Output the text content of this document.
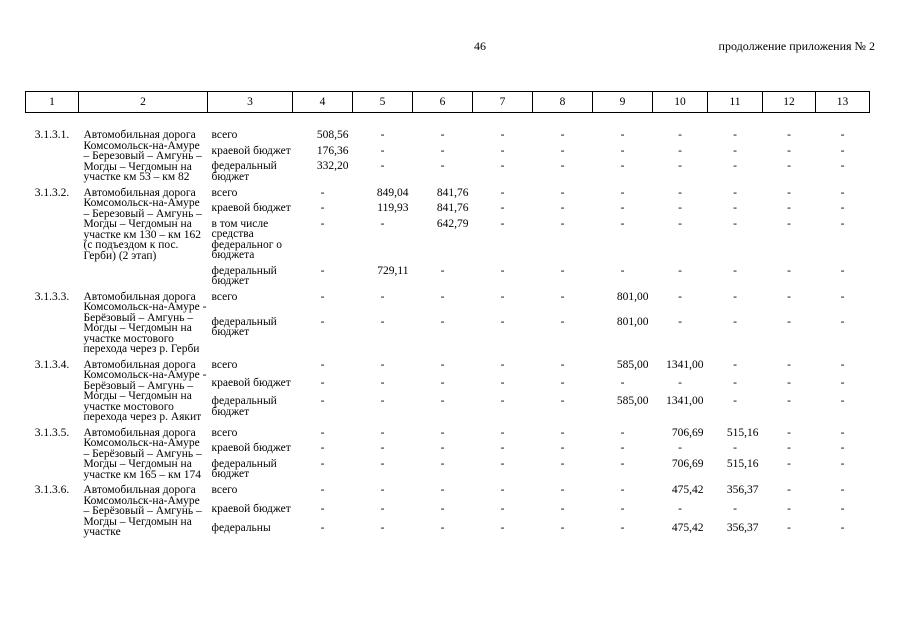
46	продолжение приложения № 2
1	2	3	4	5	6	7	8	9	10	11	12	13

3.1.3.1.	Автомобильная дорога Комсомольск-на-Амуре – Березовый – Амгунь – Могды – Чегдомын на участке км 53 – км 82	всего	508,56	-	-	-	-	-	-	-	-	-
		краевой бюджет	176,36	-	-	-	-	-	-	-	-	-
		федеральный бюджет	332,20	-	-	-	-	-	-	-	-	-
3.1.3.2.	Автомобильная дорога Комсомольск-на-Амуре – Березовый – Амгунь – Могды – Чегдомын на участке км 130 – км 162 (с подъездом к пос. Герби) (2 этап)	всего	-	849,04	841,76	-	-	-	-	-	-	-
		краевой бюджет	-	119,93	841,76	-	-	-	-	-	-	-
		в том числе средства федеральног о бюджета	-	-	642,79	-	-	-	-	-	-	-
		федеральный бюджет	-	729,11	-	-	-	-	-	-	-	-
3.1.3.3.	Автомобильная дорога Комсомольск-на-Амуре - Берёзовый – Амгунь – Могды – Чегдомын на участке мостового перехода через р. Герби	всего	-	-	-	-	-	801,00	-	-	-	-
		федеральный бюджет	-	-	-	-	-	801,00	-	-	-	-
3.1.3.4.	Автомобильная дорога Комсомольск-на-Амуре - Берёзовый – Амгунь – Могды – Чегдомын на участке мостового перехода через р. Аякит	всего	-	-	-	-	-	585,00	1341,00	-	-	-
		краевой бюджет	-	-	-	-	-	-	-	-	-	-
		федеральный бюджет	-	-	-	-	-	585,00	1341,00	-	-	-
3.1.3.5.	Автомобильная дорога Комсомольск-на-Амуре – Берёзовый – Амгунь – Могды – Чегдомын на участке км 165 – км 174	всего	-	-	-	-	-	-	706,69	515,16	-	-
		краевой бюджет	-	-	-	-	-	-	-	-	-	-
		федеральный бюджет	-	-	-	-	-	-	706,69	515,16	-	-
3.1.3.6.	Автомобильная дорога Комсомольск-на-Амуре – Берёзовый – Амгунь – Могды – Чегдомын на участке	всего	-	-	-	-	-	-	475,42	356,37	-	-
		краевой бюджет	-	-	-	-	-	-	-	-	-	-
		федеральны	-	-	-	-	-	-	475,42	356,37	-	-
